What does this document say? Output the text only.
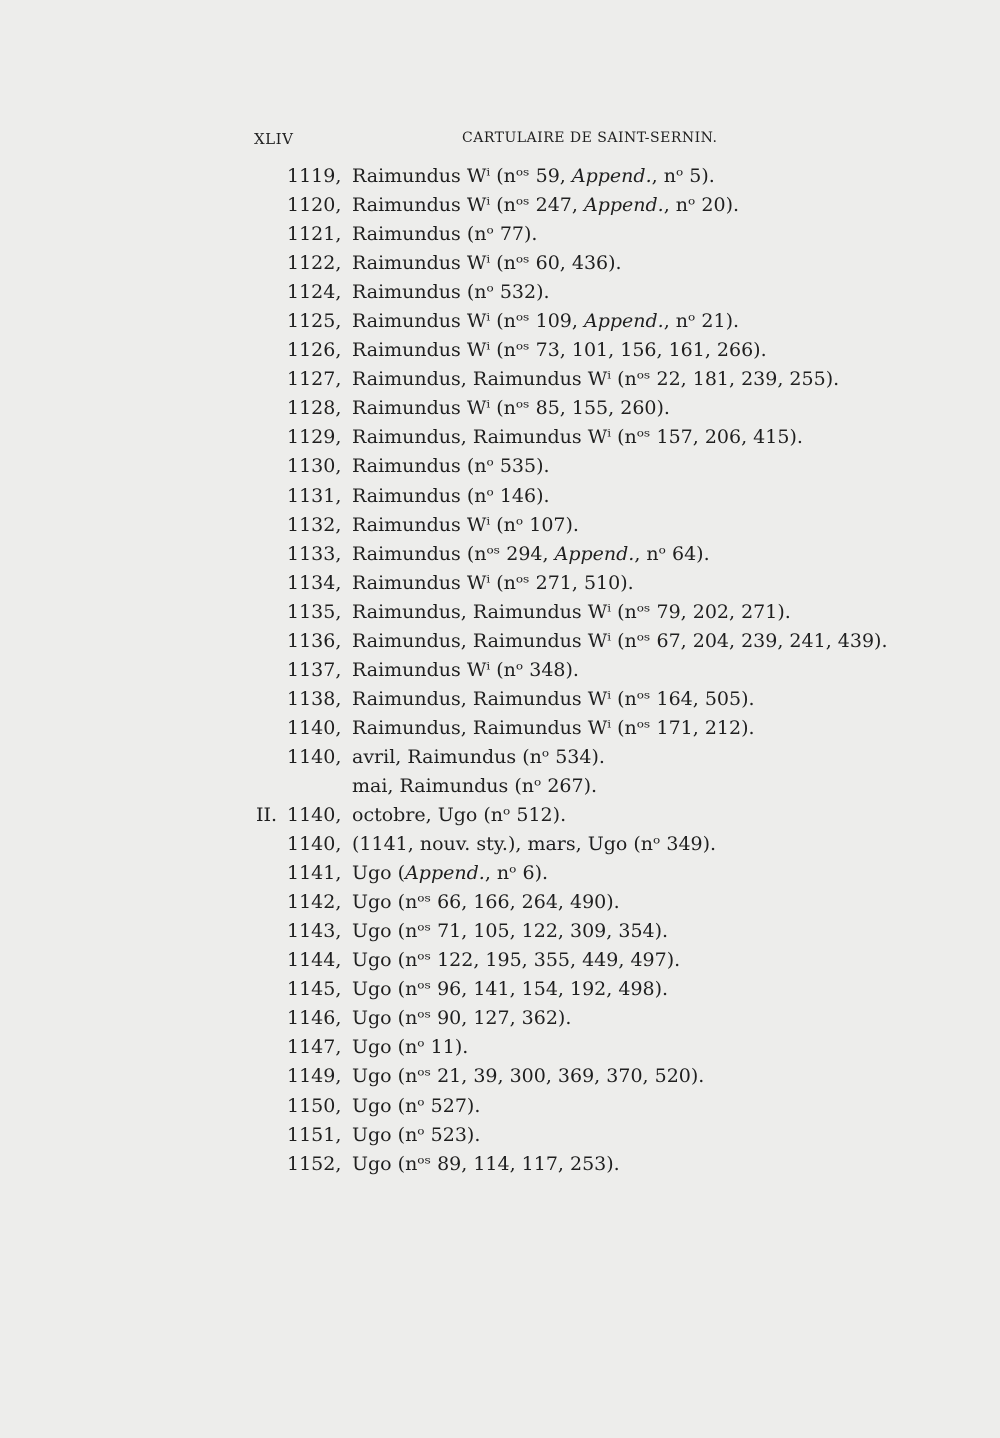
XLIV	CARTULAIRE DE SAINT-SERNIN.
1119, Raimundus Wⁱ (nᵒˢ 59, Append., nᵒ 5).
1120, Raimundus Wⁱ (nᵒˢ 247, Append., nᵒ 20).
1121, Raimundus (nᵒ 77).
1122, Raimundus Wⁱ (nᵒˢ 60, 436).
1124, Raimundus (nᵒ 532).
1125, Raimundus Wⁱ (nᵒˢ 109, Append., nᵒ 21).
1126, Raimundus Wⁱ (nᵒˢ 73, 101, 156, 161, 266).
1127, Raimundus, Raimundus Wⁱ (nᵒˢ 22, 181, 239, 255).
1128, Raimundus Wⁱ (nᵒˢ 85, 155, 260).
1129, Raimundus, Raimundus Wⁱ (nᵒˢ 157, 206, 415).
1130, Raimundus (nᵒ 535).
1131, Raimundus (nᵒ 146).
1132, Raimundus Wⁱ (nᵒ 107).
1133, Raimundus (nᵒˢ 294, Append., nᵒ 64).
1134, Raimundus Wⁱ (nᵒˢ 271, 510).
1135, Raimundus, Raimundus Wⁱ (nᵒˢ 79, 202, 271).
1136, Raimundus, Raimundus Wⁱ (nᵒˢ 67, 204, 239, 241, 439).
1137, Raimundus Wⁱ (nᵒ 348).
1138, Raimundus, Raimundus Wⁱ (nᵒˢ 164, 505).
1140, Raimundus, Raimundus Wⁱ (nᵒˢ 171, 212).
1140, avril, Raimundus (nᵒ 534).
mai, Raimundus (nᵒ 267).
II. 1140, octobre, Ugo (nᵒ 512).
1140, (1141, nouv. sty.), mars, Ugo (nᵒ 349).
1141, Ugo (Append., nᵒ 6).
1142, Ugo (nᵒˢ 66, 166, 264, 490).
1143, Ugo (nᵒˢ 71, 105, 122, 309, 354).
1144, Ugo (nᵒˢ 122, 195, 355, 449, 497).
1145, Ugo (nᵒˢ 96, 141, 154, 192, 498).
1146, Ugo (nᵒˢ 90, 127, 362).
1147, Ugo (nᵒ 11).
1149, Ugo (nᵒˢ 21, 39, 300, 369, 370, 520).
1150, Ugo (nᵒ 527).
1151, Ugo (nᵒ 523).
1152, Ugo (nᵒˢ 89, 114, 117, 253).
